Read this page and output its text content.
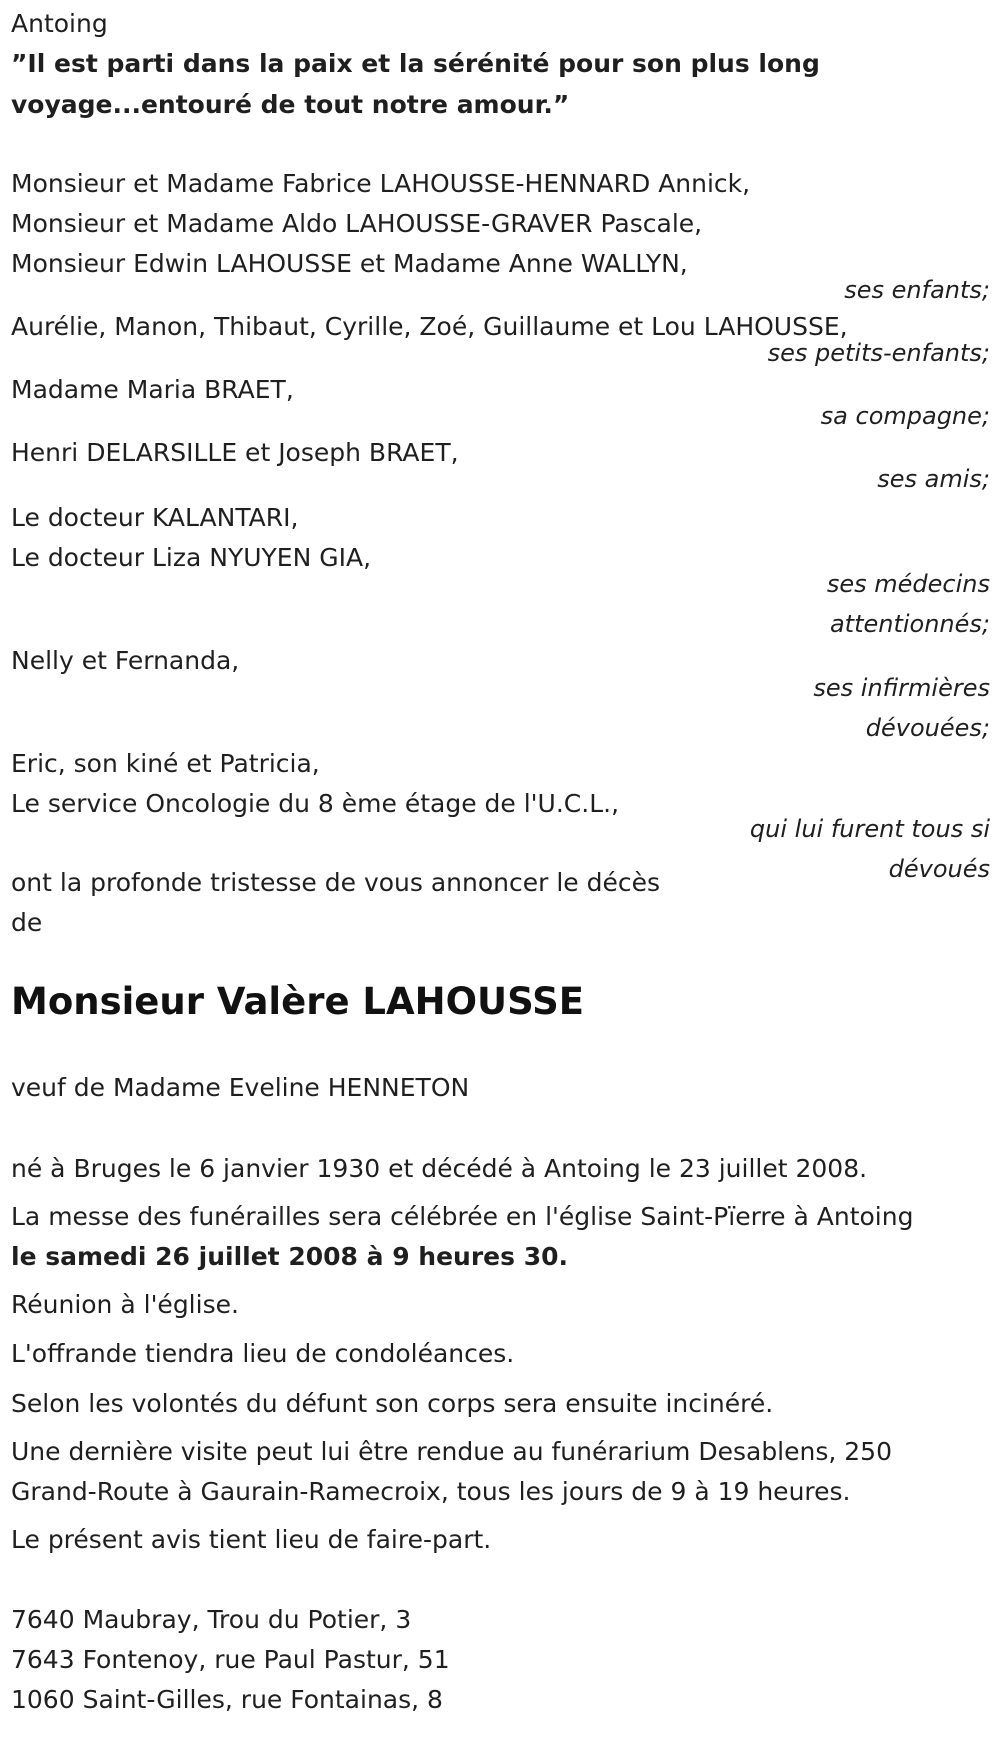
Antoing
”Il est parti dans la paix et la sérénité pour son plus long
voyage...entouré de tout notre amour.”
Monsieur et Madame Fabrice LAHOUSSE-HENNARD Annick,
Monsieur et Madame Aldo LAHOUSSE-GRAVER Pascale,
Monsieur Edwin LAHOUSSE et Madame Anne WALLYN,
ses enfants;
Aurélie, Manon, Thibaut, Cyrille, Zoé, Guillaume et Lou LAHOUSSE,
ses petits-enfants;
Madame Maria BRAET,
sa compagne;
Henri DELARSILLE et Joseph BRAET,
ses amis;
Le docteur KALANTARI,
Le docteur Liza NYUYEN GIA,
ses médecins
attentionnés;
Nelly et Fernanda,
ses infirmières
dévouées;
Eric, son kiné et Patricia,
Le service Oncologie du 8 ème étage de l'U.C.L.,
qui lui furent tous si
dévoués
ont la profonde tristesse de vous annoncer le décès
de
Monsieur Valère LAHOUSSE
veuf de Madame Eveline HENNETON
né à Bruges le 6 janvier 1930 et décédé à Antoing le 23 juillet 2008.
La messe des funérailles sera célébrée en l'église Saint-Pïerre à Antoing
le samedi 26 juillet 2008 à 9 heures 30.
Réunion à l'église.
L'offrande tiendra lieu de condoléances.
Selon les volontés du défunt son corps sera ensuite incinéré.
Une dernière visite peut lui être rendue au funérarium Desablens, 250
Grand-Route à Gaurain-Ramecroix, tous les jours de 9 à 19 heures.
Le présent avis tient lieu de faire-part.
7640 Maubray, Trou du Potier, 3
7643 Fontenoy, rue Paul Pastur, 51
1060 Saint-Gilles, rue Fontainas, 8
